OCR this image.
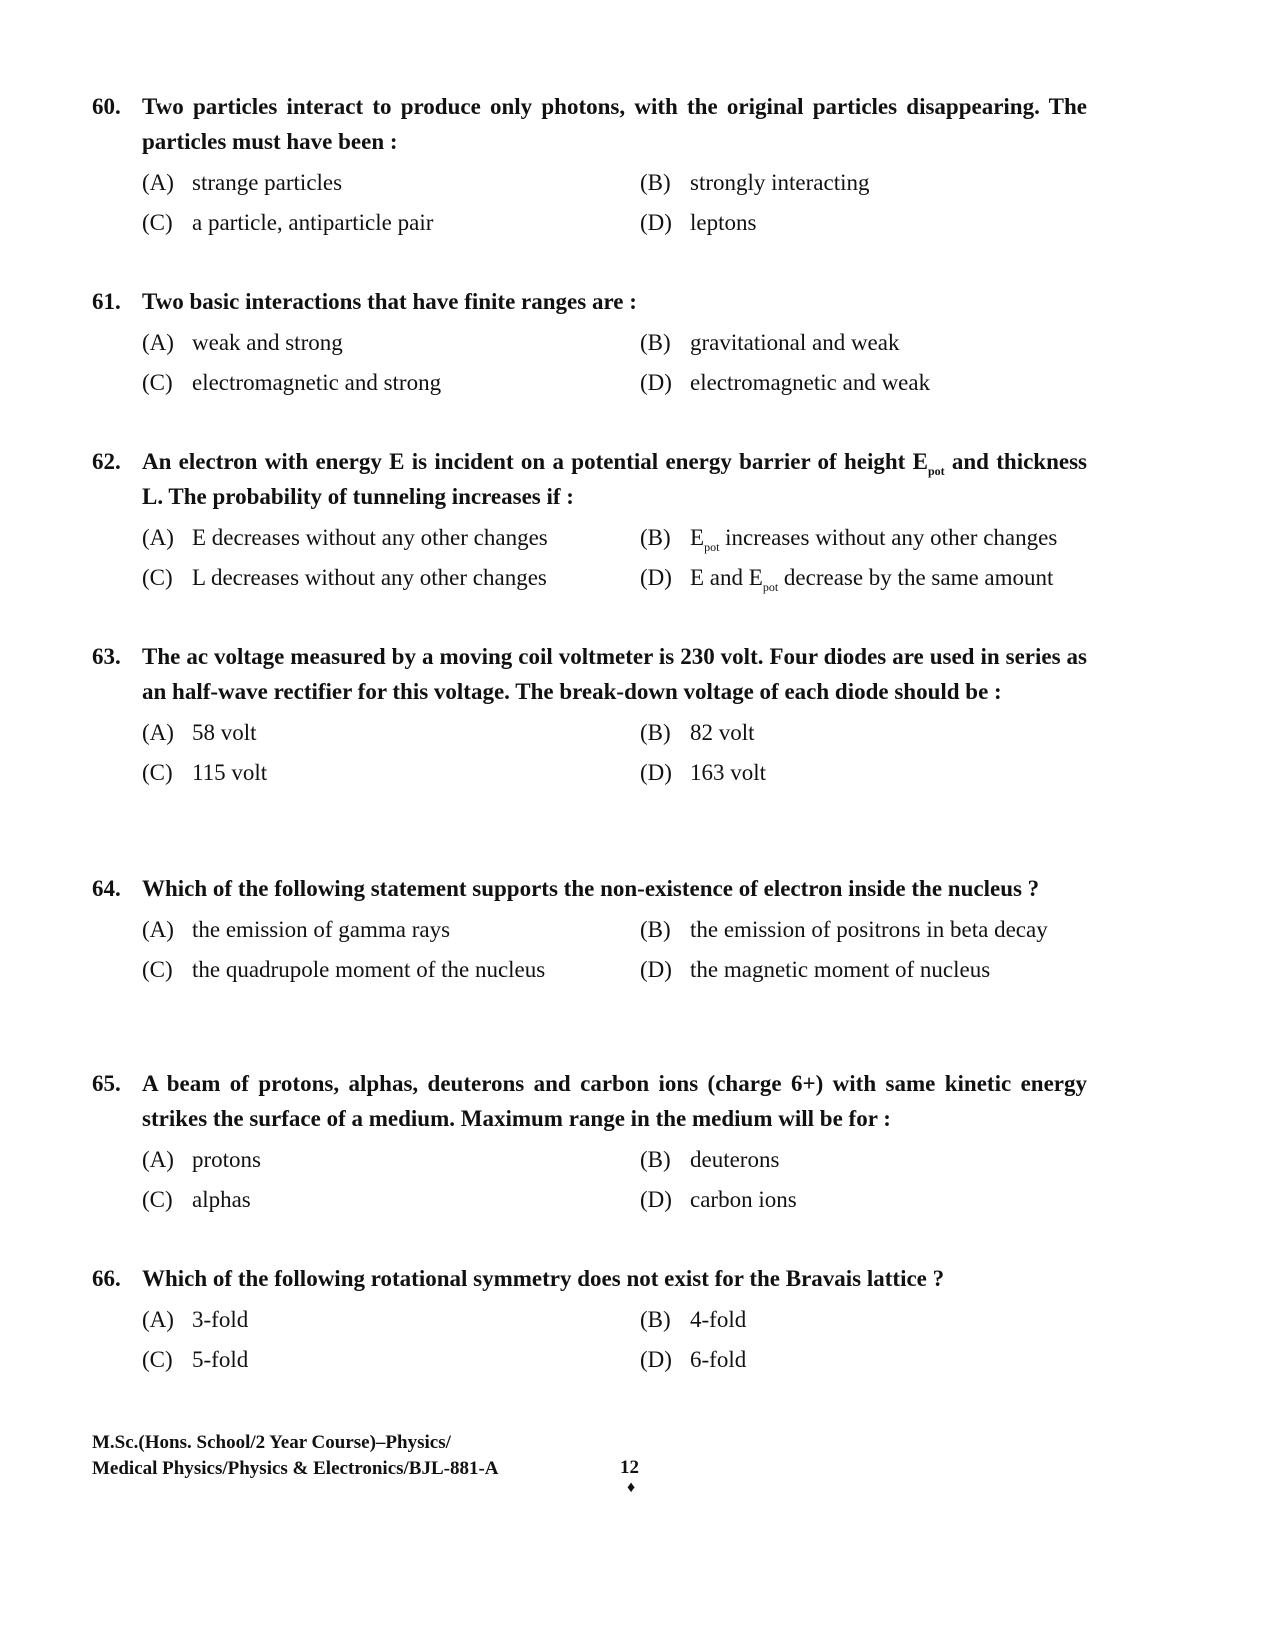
60. Two particles interact to produce only photons, with the original particles disappearing. The particles must have been :
(A) strange particles	(B) strongly interacting
(C) a particle, antiparticle pair	(D) leptons
61. Two basic interactions that have finite ranges are :
(A) weak and strong	(B) gravitational and weak
(C) electromagnetic and strong	(D) electromagnetic and weak
62. An electron with energy E is incident on a potential energy barrier of height $E_{pot}$ and thickness L. The probability of tunneling increases if :
(A) E decreases without any other changes	(B) $E_{pot}$ increases without any other changes
(C) L decreases without any other changes	(D) E and $E_{pot}$ decrease by the same amount
63. The ac voltage measured by a moving coil voltmeter is 230 volt. Four diodes are used in series as an half-wave rectifier for this voltage. The break-down voltage of each diode should be :
(A) 58 volt	(B) 82 volt
(C) 115 volt	(D) 163 volt
64. Which of the following statement supports the non-existence of electron inside the nucleus ?
(A) the emission of gamma rays	(B) the emission of positrons in beta decay
(C) the quadrupole moment of the nucleus	(D) the magnetic moment of nucleus
65. A beam of protons, alphas, deuterons and carbon ions (charge 6+) with same kinetic energy strikes the surface of a medium. Maximum range in the medium will be for :
(A) protons	(B) deuterons
(C) alphas	(D) carbon ions
66. Which of the following rotational symmetry does not exist for the Bravais lattice ?
(A) 3-fold	(B) 4-fold
(C) 5-fold	(D) 6-fold
M.Sc.(Hons. School/2 Year Course)–Physics/
Medical Physics/Physics & Electronics/BJL-881-A	12
♦
